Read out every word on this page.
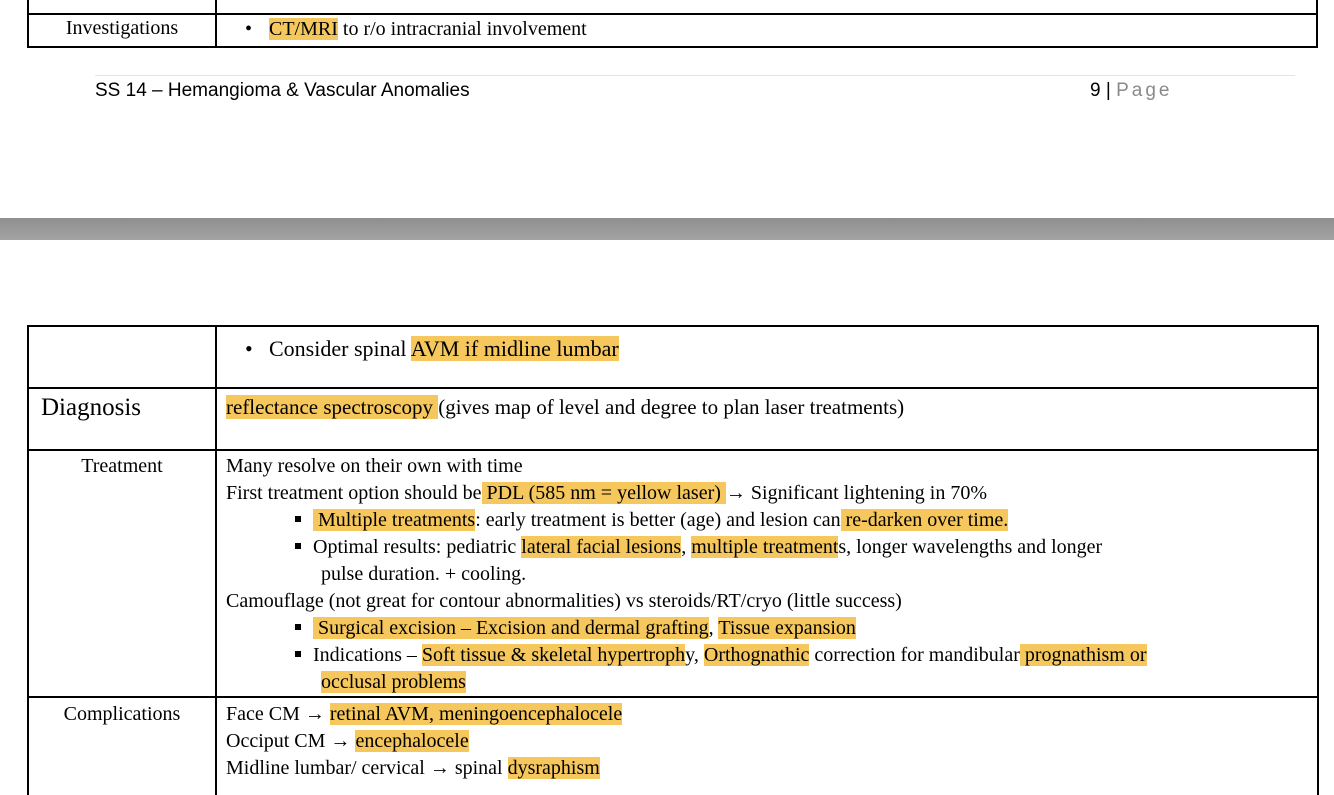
Investigations	• CT/MRI to r/o intracranial involvement
SS 14 – Hemangioma & Vascular Anomalies	9 | Page
• Consider spinal AVM if midline lumbar
Diagnosis	reflectance spectroscopy (gives map of level and degree to plan laser treatments)
Treatment	Many resolve on their own with time
First treatment option should be PDL (585 nm = yellow laser) → Significant lightening in 70%
Multiple treatments: early treatment is better (age) and lesion can re-darken over time.
Optimal results: pediatric lateral facial lesions, multiple treatments, longer wavelengths and longer
pulse duration. + cooling.
Camouflage (not great for contour abnormalities) vs steroids/RT/cryo (little success)
Surgical excision – Excision and dermal grafting, Tissue expansion
Indications – Soft tissue & skeletal hypertrophy, Orthognathic correction for mandibular prognathism or
occlusal problems
Complications	Face CM → retinal AVM, meningoencephalocele
Occiput CM → encephalocele
Midline lumbar/ cervical → spinal dysraphism
